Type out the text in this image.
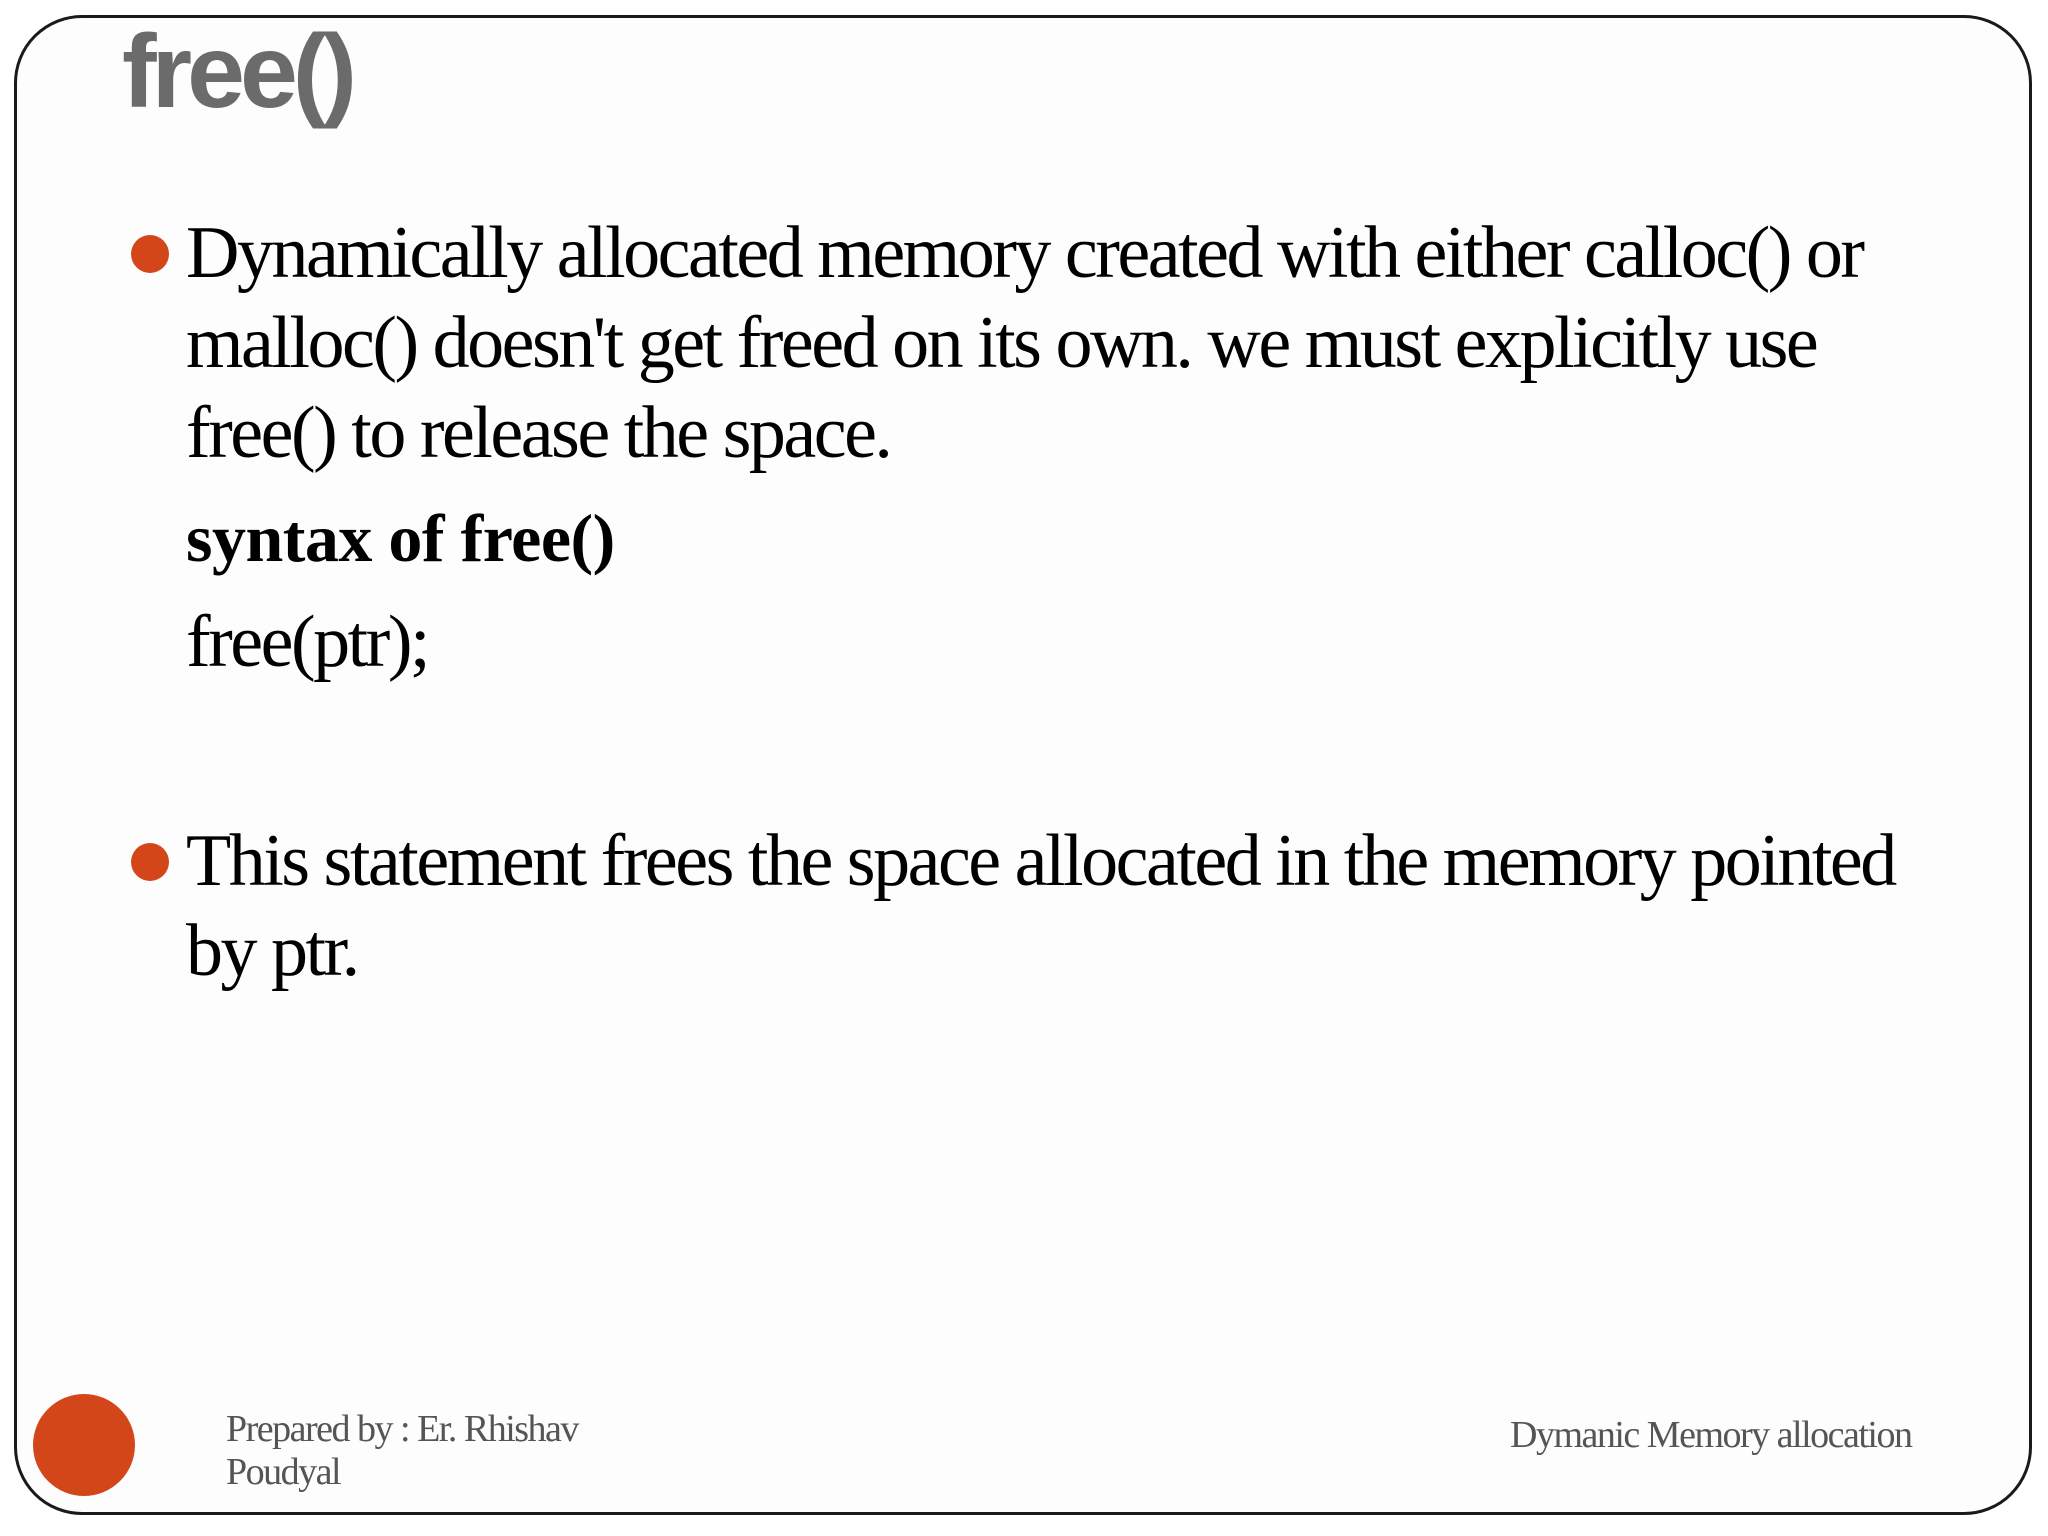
free()

Dynamically allocated memory created with either calloc() or malloc() doesn't get freed on its own. we must explicitly use free() to release the space.

syntax of free()

free(ptr);

This statement frees the space allocated in the memory pointed by ptr.

Prepared by : Er. Rhishav Poudyal

Dymanic Memory allocation
